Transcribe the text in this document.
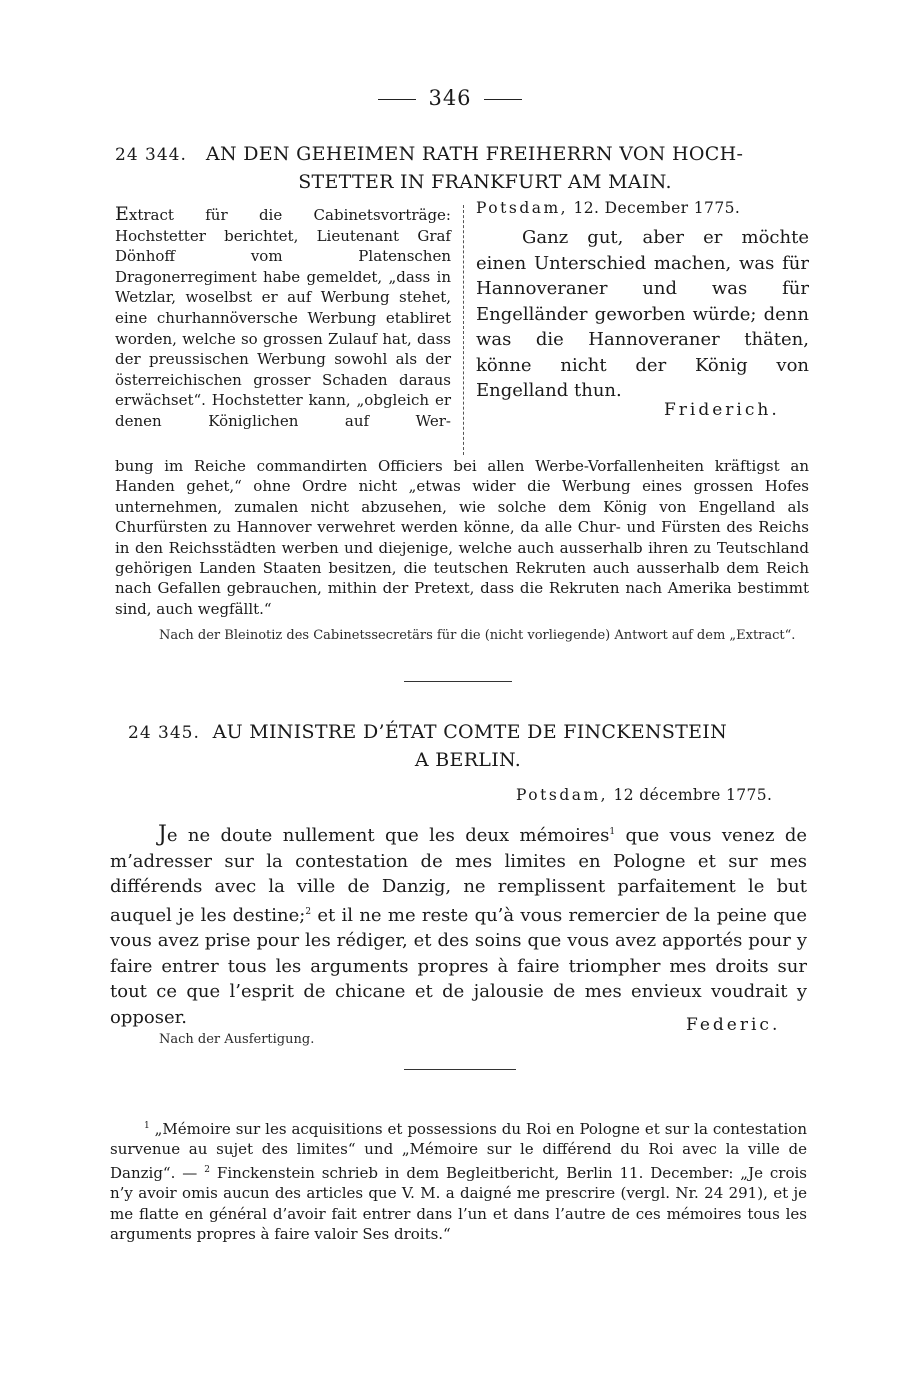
346
24 344. AN DEN GEHEIMEN RATH FREIHERRN VON HOCH-
STETTER IN FRANKFURT AM MAIN.
Extract für die Cabinetsvorträge: Hochstetter berichtet, Lieutenant Graf Dönhoff vom Platenschen Dragonerregiment habe gemeldet, „dass in Wetzlar, woselbst er auf Werbung stehet, eine churhannöversche Werbung etabliret worden, welche so grossen Zulauf hat, dass der preussischen Werbung sowohl als der österreichischen grosser Schaden daraus erwächset“. Hochstetter kann, „obgleich er denen Königlichen auf Wer-
Potsdam, 12. December 1775.
Ganz gut, aber er möchte einen Unterschied machen, was für Hannoveraner und was für Engelländer geworben würde; denn was die Hannoveraner thäten, könne nicht der König von Engelland thun.
Friderich.
bung im Reiche commandirten Officiers bei allen Werbe-Vorfallenheiten kräftigst an Handen gehet,“ ohne Ordre nicht „etwas wider die Werbung eines grossen Hofes unternehmen, zumalen nicht abzusehen, wie solche dem König von Engelland als Churfürsten zu Hannover verwehret werden könne, da alle Chur- und Fürsten des Reichs in den Reichsstädten werben und diejenige, welche auch ausserhalb ihren zu Teutschland gehörigen Landen Staaten besitzen, die teutschen Rekruten auch ausserhalb dem Reich nach Gefallen gebrauchen, mithin der Pretext, dass die Rekruten nach Amerika bestimmt sind, auch wegfällt.“
Nach der Bleinotiz des Cabinetssecretärs für die (nicht vorliegende) Antwort auf dem „Extract“.
24 345. AU MINISTRE D’ÉTAT COMTE DE FINCKENSTEIN
A BERLIN.
Potsdam, 12 décembre 1775.
Je ne doute nullement que les deux mémoires$^1$ que vous venez de m’adresser sur la contestation de mes limites en Pologne et sur mes différends avec la ville de Danzig, ne remplissent parfaitement le but auquel je les destine;$^2$ et il ne me reste qu’à vous remercier de la peine que vous avez prise pour les rédiger, et des soins que vous avez apportés pour y faire entrer tous les arguments propres à faire triompher mes droits sur tout ce que l’esprit de chicane et de jalousie de mes envieux voudrait y opposer.	Federic.
Nach der Ausfertigung.
$^1$ „Mémoire sur les acquisitions et possessions du Roi en Pologne et sur la contestation survenue au sujet des limites“ und „Mémoire sur le différend du Roi avec la ville de Danzig“. — $^2$ Finckenstein schrieb in dem Begleitbericht, Berlin 11. December: „Je crois n’y avoir omis aucun des articles que V. M. a daigné me prescrire (vergl. Nr. 24 291), et je me flatte en général d’avoir fait entrer dans l’un et dans l’autre de ces mémoires tous les arguments propres à faire valoir Ses droits.“
